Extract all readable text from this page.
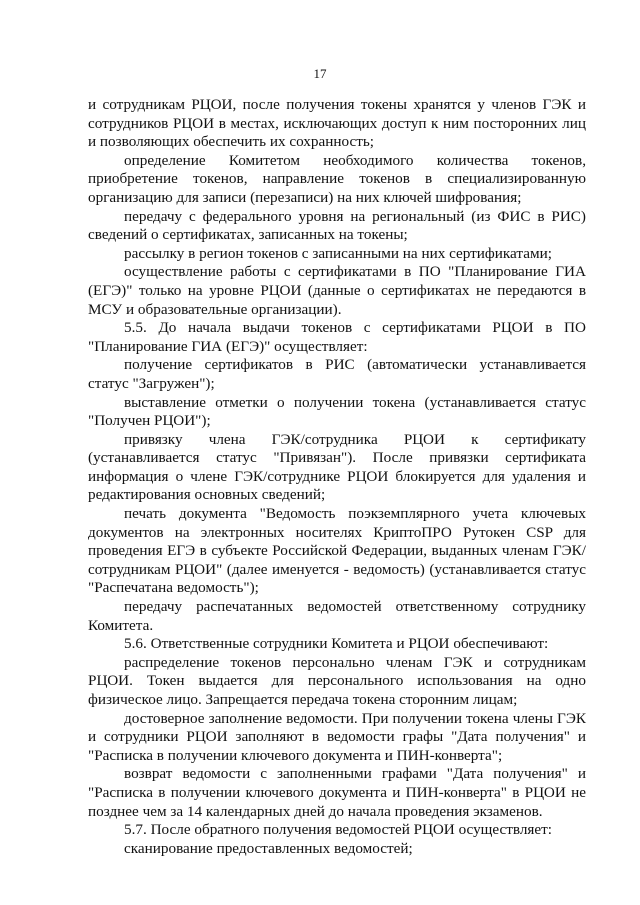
17

и сотрудникам РЦОИ, после получения токены хранятся у членов ГЭК и сотрудников РЦОИ в местах, исключающих доступ к ним посторонних лиц и позволяющих обеспечить их сохранность;

определение Комитетом необходимого количества токенов, приобретение токенов, направление токенов в специализированную организацию для записи (перезаписи) на них ключей шифрования;

передачу с федерального уровня на региональный (из ФИС в РИС) сведений о сертификатах, записанных на токены;

рассылку в регион токенов с записанными на них сертификатами;

осуществление работы с сертификатами в ПО "Планирование ГИА (ЕГЭ)" только на уровне РЦОИ (данные о сертификатах не передаются в МСУ и образовательные организации).

5.5. До начала выдачи токенов с сертификатами РЦОИ в ПО "Планирование ГИА (ЕГЭ)" осуществляет:

получение сертификатов в РИС (автоматически устанавливается статус "Загружен");

выставление отметки о получении токена (устанавливается статус "Получен РЦОИ");

привязку члена ГЭК/сотрудника РЦОИ к сертификату (устанавливается статус "Привязан"). После привязки сертификата информация о члене ГЭК/сотруднике РЦОИ блокируется для удаления и редактирования основных сведений;

печать документа "Ведомость поэкземплярного учета ключевых документов на электронных носителях КриптоПРО Рутокен CSP для проведения ЕГЭ в субъекте Российской Федерации, выданных членам ГЭК/сотрудникам РЦОИ" (далее именуется - ведомость) (устанавливается статус "Распечатана ведомость");

передачу распечатанных ведомостей ответственному сотруднику Комитета.

5.6. Ответственные сотрудники Комитета и РЦОИ обеспечивают:

распределение токенов персонально членам ГЭК и сотрудникам РЦОИ. Токен выдается для персонального использования на одно физическое лицо. Запрещается передача токена сторонним лицам;

достоверное заполнение ведомости. При получении токена члены ГЭК и сотрудники РЦОИ заполняют в ведомости графы "Дата получения" и "Расписка в получении ключевого документа и ПИН-конверта";

возврат ведомости с заполненными графами "Дата получения" и "Расписка в получении ключевого документа и ПИН-конверта" в РЦОИ не позднее чем за 14 календарных дней до начала проведения экзаменов.

5.7. После обратного получения ведомостей РЦОИ осуществляет:

сканирование предоставленных ведомостей;
